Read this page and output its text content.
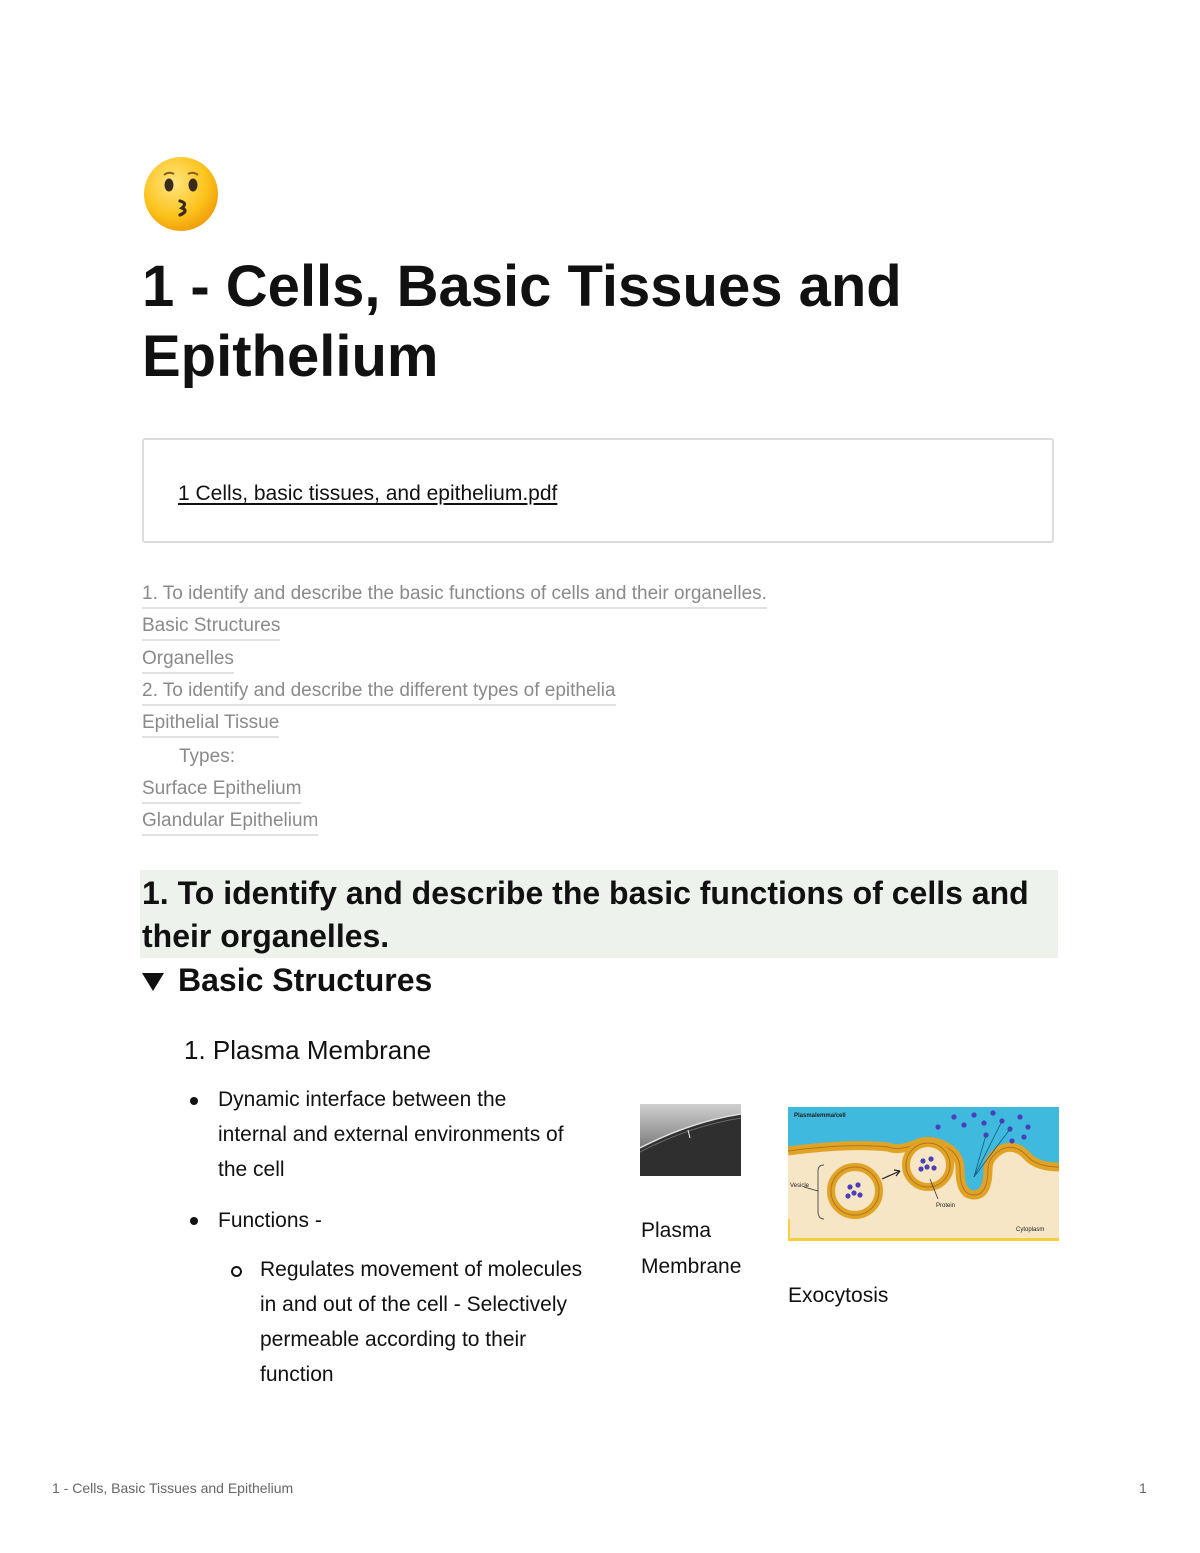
1 - Cells, Basic Tissues and Epithelium
1 Cells, basic tissues, and epithelium.pdf
1. To identify and describe the basic functions of cells and their organelles.
Basic Structures
Organelles
2. To identify and describe the different types of epithelia
Epithelial Tissue
Types:
Surface Epithelium
Glandular Epithelium
1. To identify and describe the basic functions of cells and their organelles.
Basic Structures
1. Plasma Membrane
Dynamic interface between the internal and external environments of the cell
Functions -
Regulates movement of molecules in and out of the cell - Selectively permeable according to their function
Plasma Membrane
Plasmalemma/cell
Vesicle
Protein
Cytoplasm
Exocytosis
1 - Cells, Basic Tissues and Epithelium	1
